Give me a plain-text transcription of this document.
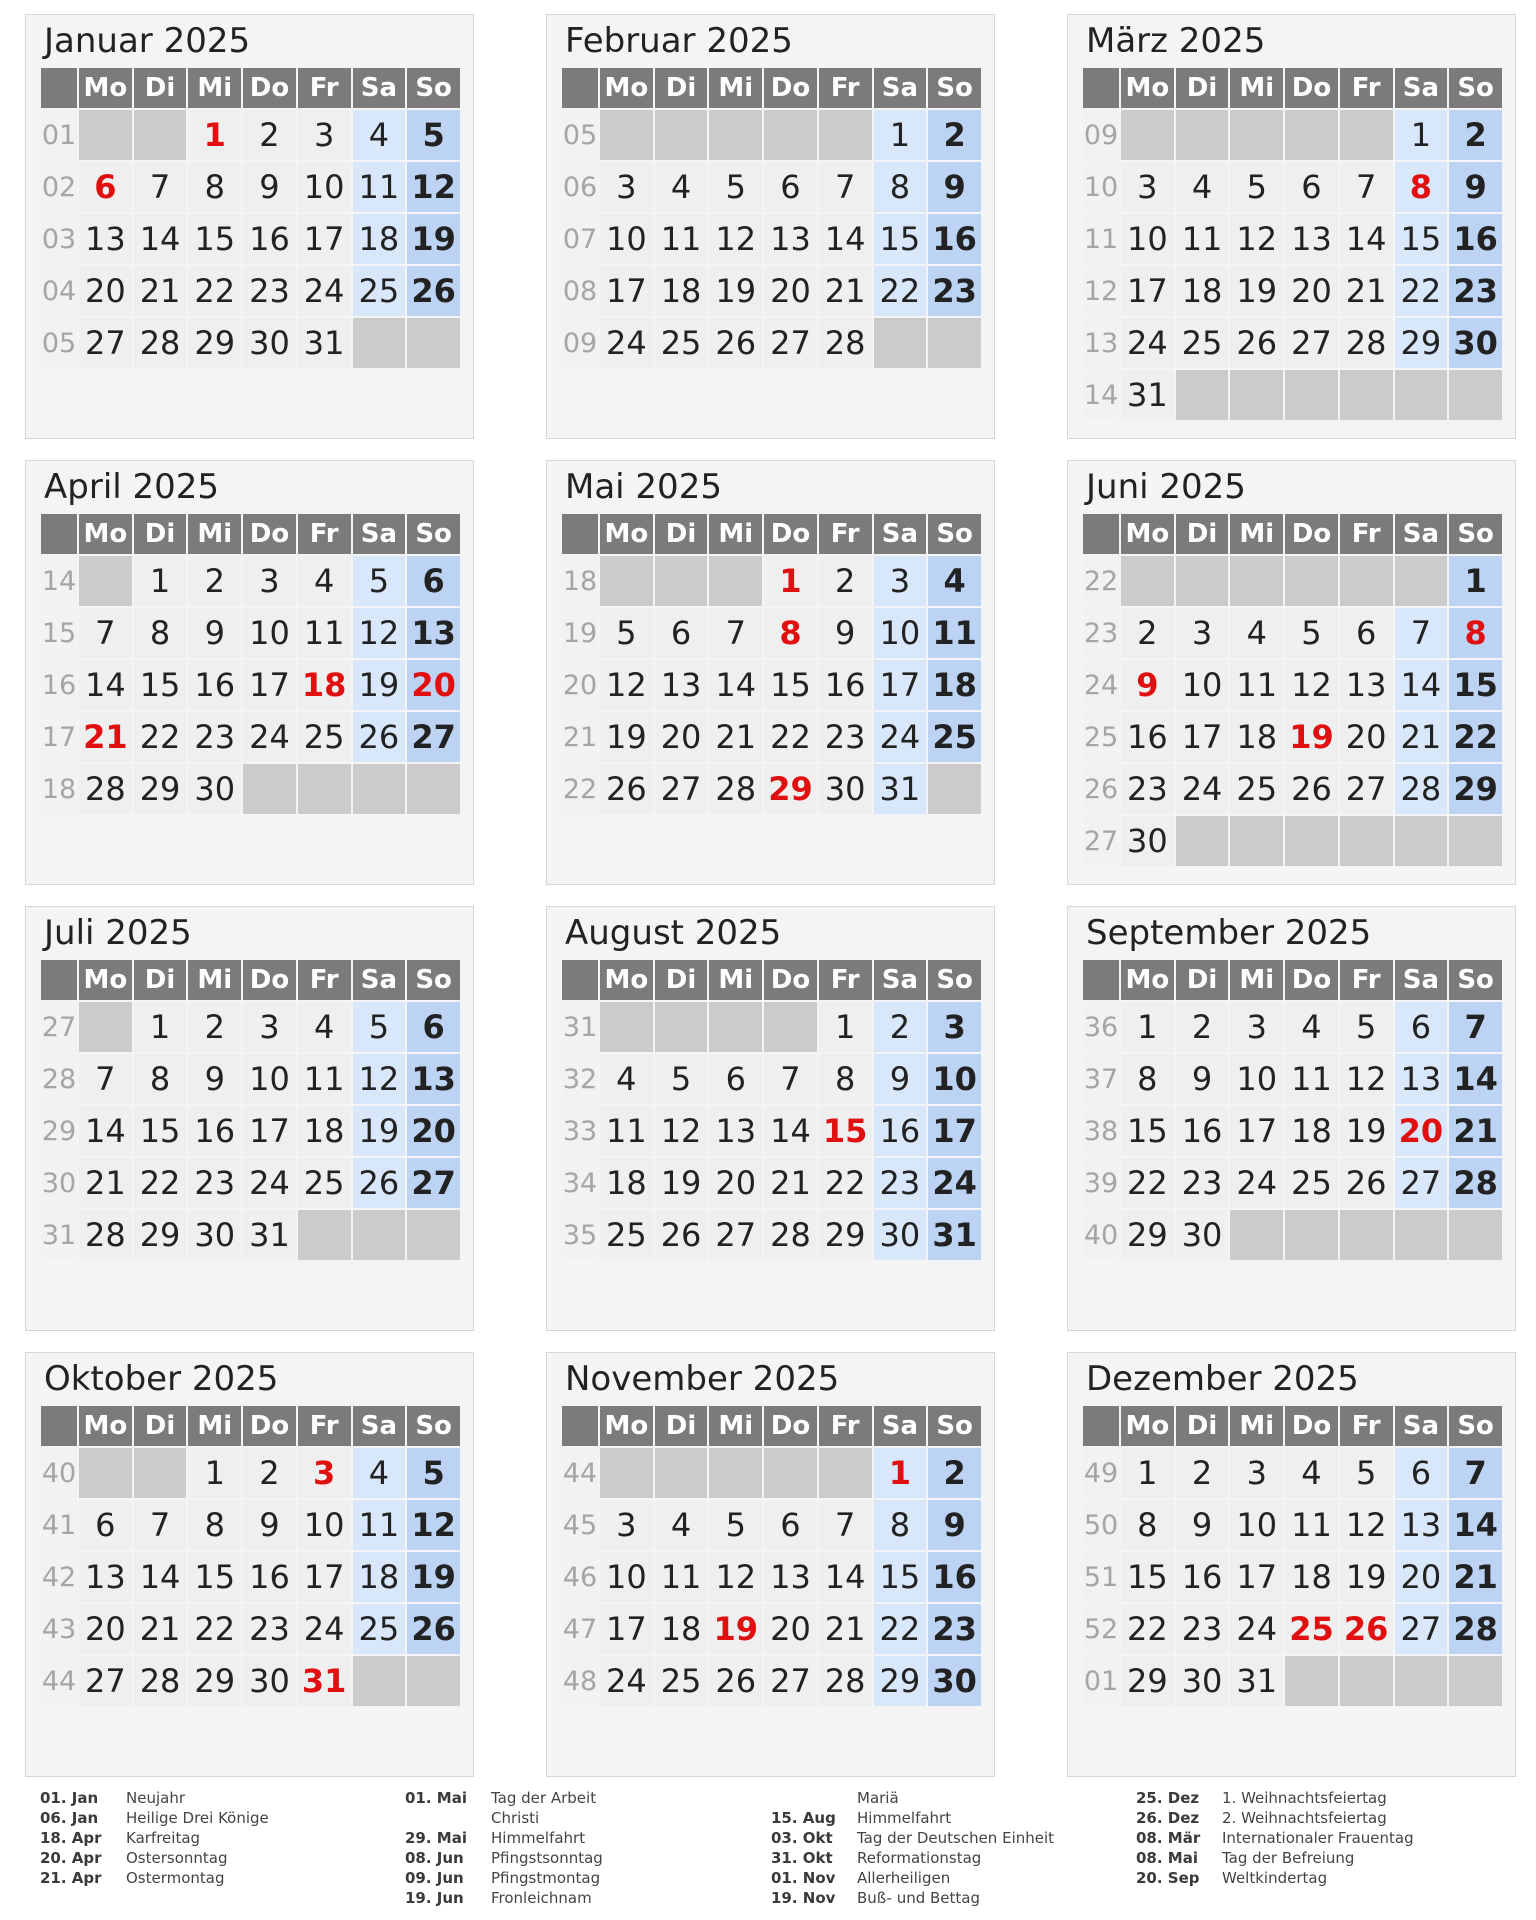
Januar 2025
	Mo	Di	Mi	Do	Fr	Sa	So
01			1	2	3	4	5
02	6	7	8	9	10	11	12
03	13	14	15	16	17	18	19
04	20	21	22	23	24	25	26
05	27	28	29	30	31		
Februar 2025
	Mo	Di	Mi	Do	Fr	Sa	So
05						1	2
06	3	4	5	6	7	8	9
07	10	11	12	13	14	15	16
08	17	18	19	20	21	22	23
09	24	25	26	27	28		
März 2025
	Mo	Di	Mi	Do	Fr	Sa	So
09						1	2
10	3	4	5	6	7	8	9
11	10	11	12	13	14	15	16
12	17	18	19	20	21	22	23
13	24	25	26	27	28	29	30
14	31						
April 2025
	Mo	Di	Mi	Do	Fr	Sa	So
14		1	2	3	4	5	6
15	7	8	9	10	11	12	13
16	14	15	16	17	18	19	20
17	21	22	23	24	25	26	27
18	28	29	30				
Mai 2025
	Mo	Di	Mi	Do	Fr	Sa	So
18				1	2	3	4
19	5	6	7	8	9	10	11
20	12	13	14	15	16	17	18
21	19	20	21	22	23	24	25
22	26	27	28	29	30	31	
Juni 2025
	Mo	Di	Mi	Do	Fr	Sa	So
22							1
23	2	3	4	5	6	7	8
24	9	10	11	12	13	14	15
25	16	17	18	19	20	21	22
26	23	24	25	26	27	28	29
27	30						
Juli 2025
	Mo	Di	Mi	Do	Fr	Sa	So
27		1	2	3	4	5	6
28	7	8	9	10	11	12	13
29	14	15	16	17	18	19	20
30	21	22	23	24	25	26	27
31	28	29	30	31			
August 2025
	Mo	Di	Mi	Do	Fr	Sa	So
31					1	2	3
32	4	5	6	7	8	9	10
33	11	12	13	14	15	16	17
34	18	19	20	21	22	23	24
35	25	26	27	28	29	30	31
September 2025
	Mo	Di	Mi	Do	Fr	Sa	So
36	1	2	3	4	5	6	7
37	8	9	10	11	12	13	14
38	15	16	17	18	19	20	21
39	22	23	24	25	26	27	28
40	29	30					
Oktober 2025
	Mo	Di	Mi	Do	Fr	Sa	So
40			1	2	3	4	5
41	6	7	8	9	10	11	12
42	13	14	15	16	17	18	19
43	20	21	22	23	24	25	26
44	27	28	29	30	31		
November 2025
	Mo	Di	Mi	Do	Fr	Sa	So
44						1	2
45	3	4	5	6	7	8	9
46	10	11	12	13	14	15	16
47	17	18	19	20	21	22	23
48	24	25	26	27	28	29	30
Dezember 2025
	Mo	Di	Mi	Do	Fr	Sa	So
49	1	2	3	4	5	6	7
50	8	9	10	11	12	13	14
51	15	16	17	18	19	20	21
52	22	23	24	25	26	27	28
01	29	30	31				
01. Jan Neujahr
06. Jan Heilige Drei Könige
18. Apr Karfreitag
20. Apr Ostersonntag
21. Apr Ostermontag
01. Mai Tag der Arbeit
Christi
29. Mai Himmelfahrt
08. Jun Pfingstsonntag
09. Jun Pfingstmontag
19. Jun Fronleichnam
Mariä
15. Aug Himmelfahrt
03. Okt Tag der Deutschen Einheit
31. Okt Reformationstag
01. Nov Allerheiligen
19. Nov Buß- und Bettag
25. Dez 1. Weihnachtsfeiertag
26. Dez 2. Weihnachtsfeiertag
08. Mär Internationaler Frauentag
08. Mai Tag der Befreiung
20. Sep Weltkindertag
